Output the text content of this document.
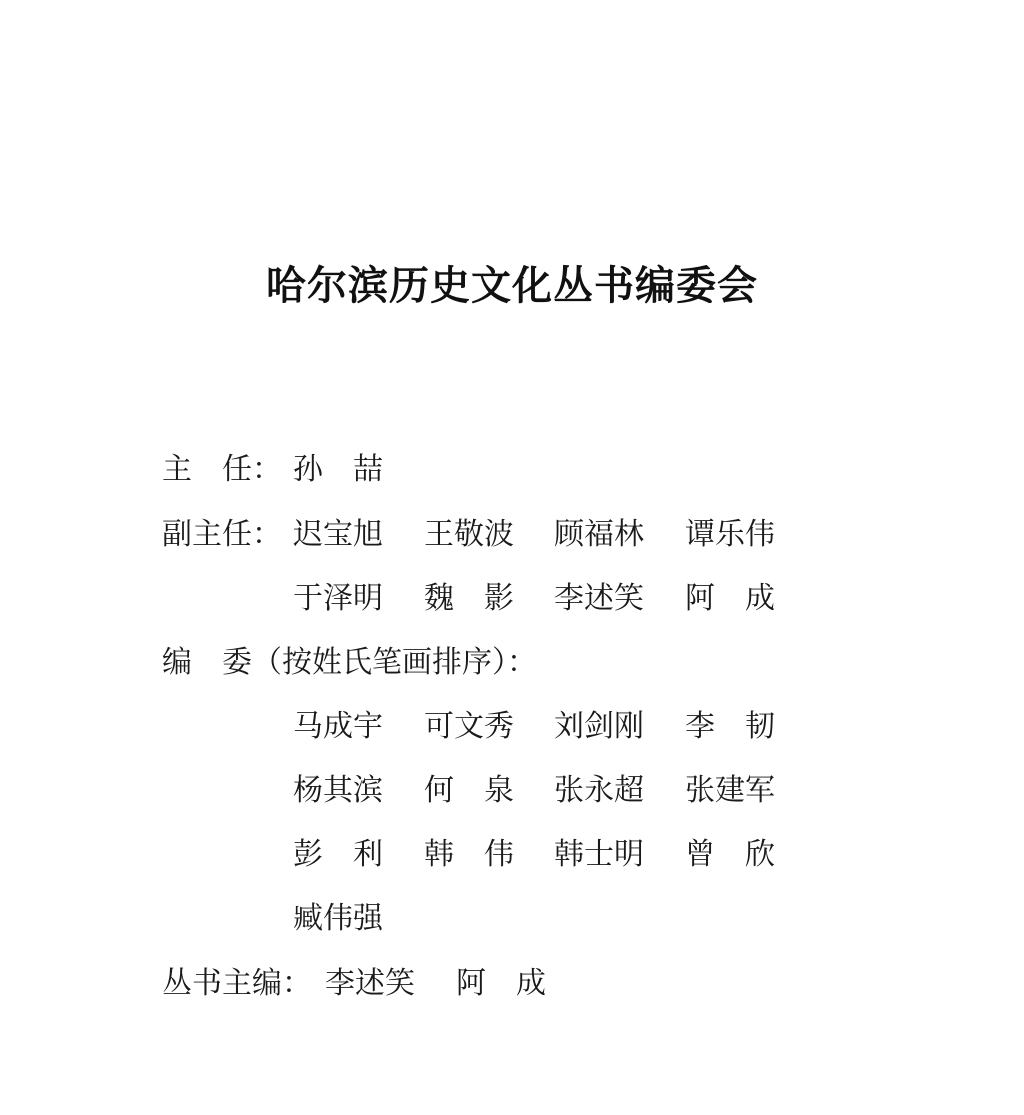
哈尔滨历史文化丛书编委会
主　任： 孙　喆
副主任： 迟宝旭 王敬波 顾福林 谭乐伟
于泽明 魏　影 李述笑 阿　成
编　委（按姓氏笔画排序）：
马成宇 可文秀 刘剑刚 李　韧
杨其滨 何　泉 张永超 张建军
彭　利 韩　伟 韩士明 曾　欣
臧伟强
丛书主编： 李述笑 阿　成
